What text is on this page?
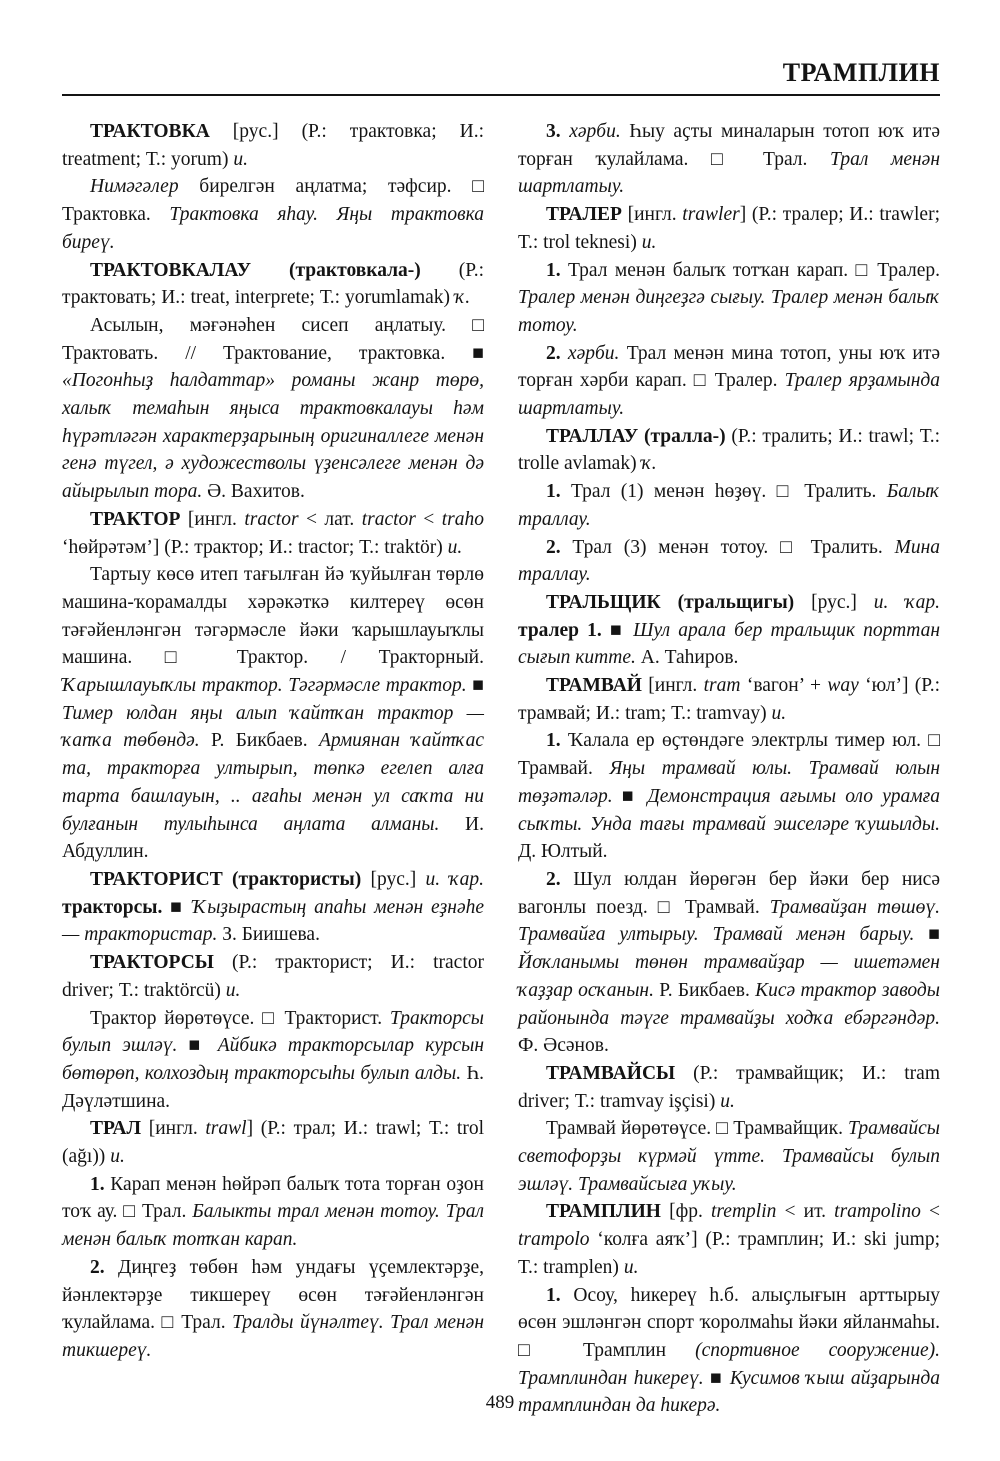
ТРАМПЛИН

ТРАКТОВКА [рус.] (Р.: трактовка; И.: treatment; Т.: yorum) и.

Нимәгәлер бирелгән аңлатма; тәфсир. □ Трактовка. Трактовка яһау. Яңы трактовка биреү.

ТРАКТОВКАЛАУ (трактовкала-) (Р.: трактовать; И.: treat, interprete; Т.: yorumlamak) ҡ.

Асылын, мәғәнәһен сисеп аңлатыу. □ Трактовать. // Трактование, трактовка. ■ «Погонһыҙ һалдаттар» романы жанр төрө, халыҡ темаһын яңыса трактовкалауы һәм һүрәтләгән характерҙарының оригиналлеге менән генә түгел, ә художестволы үҙенсәлеге менән дә айырылып тора. Ә. Вахитов.

ТРАКТОР [ингл. tractor < лат. tractor < traho ‘һөйрәтәм’] (Р.: трактор; И.: tractor; Т.: traktör) и.

Тартыу көсө итеп тағылған йә ҡуйылған төрлө машина-ҡорамалды хәрәкәткә килтереү өсөн тәғәйенләнгән тәгәрмәсле йәки ҡарышлауыҡлы машина. □ Трактор. / Тракторный. Ҡарышлауыҡлы трактор. Тәгәрмәсле трактор. ■ Тимер юлдан яңы алып ҡайтҡан трактор — ҡапҡа төбөндә. Р. Бикбаев. Армиянан ҡайтҡас та, тракторға ултырып, төпкә егелеп алға тарта башлауын, .. ағаһы менән ул саҡта ни булғанын тулыһынса аңлата алманы. И. Абдуллин.

ТРАКТОРИСТ (трактористы) [рус.] и. ҡар. тракторсы. ■ Ҡыҙырастың апаһы менән еҙнәһе — трактористар. З. Биишева.

ТРАКТОРСЫ (Р.: тракторист; И.: tractor driver; Т.: traktörcü) и.

Трактор йөрөтөүсе. □ Тракторист. Тракторсы булып эшләү. ■ Айбикә тракторсылар курсын бөтөрөп, колхоздың тракторсыһы булып алды. Һ. Дәүләтшина.

ТРАЛ [ингл. trawl] (Р.: трал; И.: trawl; Т.: trol (ağı)) и.

1. Карап менән һөйрәп балыҡ тота торған оҙон тоҡ ау. □ Трал. Балыкты трал менән тотоу. Трал менән балыҡ тотҡан карап.

2. Диңгеҙ төбөн һәм ундағы үҫемлектәрҙе, йәнлектәрҙе тикшереү өсөн тәғәйенләнгән ҡулайлама. □ Трал. Тралды йүнәлтеү. Трал менән тикшереү.

3. хәрби. Һыу аҫты миналарын тотоп юҡ итә торған ҡулайлама. □ Трал. Трал менән шартлатыу.

ТРАЛЕР [ингл. trawler] (Р.: тралер; И.: trawler; Т.: trol teknesi) и.

1. Трал менән балыҡ тотҡан карап. □ Тралер. Тралер менән диңгеҙгә сығыу. Тралер менән балыҡ тотоу.

2. хәрби. Трал менән мина тотоп, уны юҡ итә торған хәрби карап. □ Тралер. Тралер ярҙамында шартлатыу.

ТРАЛЛАУ (тралла-) (Р.: тралить; И.: trawl; Т.: trolle avlamak) ҡ.

1. Трал (1) менән һөҙөү. □ Тралить. Балыҡ траллау.

2. Трал (3) менән тотоу. □ Тралить. Мина траллау.

ТРАЛЬЩИК (тральщигы) [рус.] и. ҡар. тралер 1. ■ Шул арала бер тральщик порттан сығып китте. А. Таһиров.

ТРАМВАЙ [ингл. tram ‘вагон’ + way ‘юл’] (Р.: трамвай; И.: tram; Т.: tramvay) и.

1. Ҡалала ер өҫтөндәге электрлы тимер юл. □ Трамвай. Яңы трамвай юлы. Трамвай юлын төҙәтәләр. ■ Демонстрация ағымы оло урамға сыҡты. Унда тағы трамвай эшселәре ҡушылды. Д. Юлтый.

2. Шул юлдан йөрөгән бер йәки бер нисә вагонлы поезд. □ Трамвай. Трамвайҙан төшөү. Трамвайға ултырыу. Трамвай менән барыу. ■ Йоҡланымы төнөн трамвайҙар — ишетәмен ҡаҙҙар осҡанын. Р. Бикбаев. Кисә трактор заводы районында тәүге трамвайҙы ходҡа ебәргәндәр. Ф. Әсәнов.

ТРАМВАЙСЫ (Р.: трамвайщик; И.: tram driver; Т.: tramvay işçisi) и.

Трамвай йөрөтөүсе. □ Трамвайщик. Трамвайсы светофорҙы күрмәй үтте. Трамвайсы булып эшләү. Трамвайсыға уҡыу.

ТРАМПЛИН [фр. tremplin < ит. trampolino < trampolo ‘колға аяҡ’] (Р.: трамплин; И.: ski jump; Т.: tramplen) и.

1. Осоу, һикереү һ.б. алыҫлығын арттырыу өсөн эшләнгән спорт ҡоролмаһы йәки яйланмаһы. □ Трамплин (спортивное сооружение). Трамплиндан һикереү. ■ Кусимов ҡыш айҙарында трамплиндан да һикерә.

489
